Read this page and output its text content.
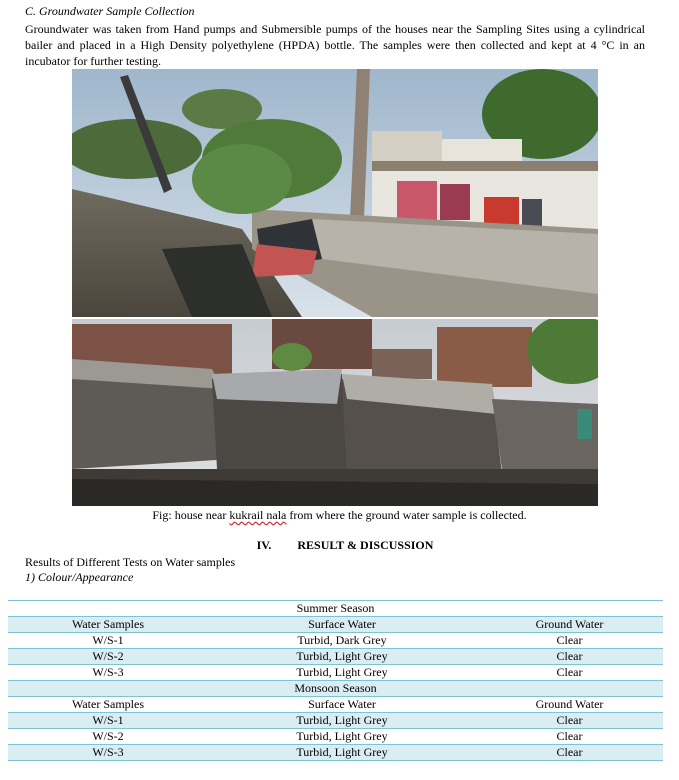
C. Groundwater Sample Collection
Groundwater was taken from Hand pumps and Submersible pumps of the houses near the Sampling Sites using a cylindrical bailer and placed in a High Density polyethylene (HPDA) bottle. The samples were then collected and kept at 4 °C in an incubator for further testing.
Fig: house near kukrail nala from where the ground water sample is collected.
IV. RESULT & DISCUSSION
Results of Different Tests on Water samples
1) Colour/Appearance
Summer Season		
Water Samples	Surface Water	Ground Water
W/S-1	Turbid, Dark Grey	Clear
W/S-2	Turbid, Light Grey	Clear
W/S-3	Turbid, Light Grey	Clear
Monsoon Season		
Water Samples	Surface Water	Ground Water
W/S-1	Turbid, Light Grey	Clear
W/S-2	Turbid, Light Grey	Clear
W/S-3	Turbid, Light Grey	Clear
